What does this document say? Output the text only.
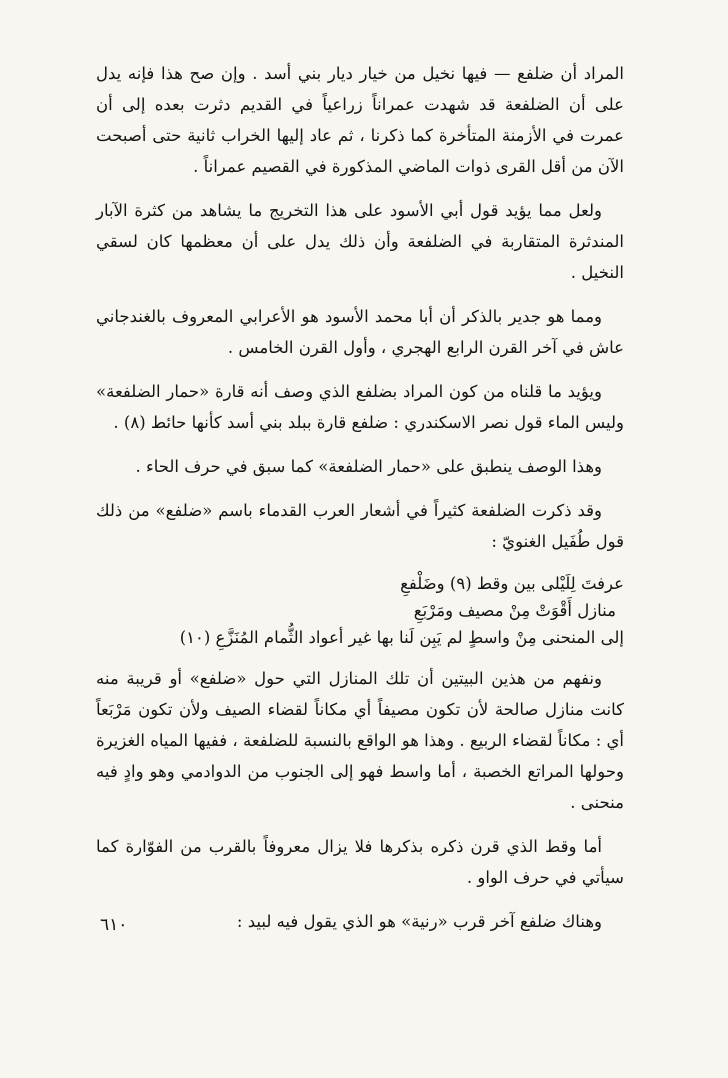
المراد أن ضلفع — فيها نخيل من خيار ديار بني أسد . وإن صح هذا فإنه يدل على أن الضلفعة قد شهدت عمراناً زراعياً في القديم دثرت بعده إلى أن عمرت في الأزمنة المتأخرة كما ذكرنا ، ثم عاد إليها الخراب ثانية حتى أصبحت الآن من أقل القرى ذوات الماضي المذكورة في القصيم عمراناً .

ولعل مما يؤيد قول أبي الأسود على هذا التخريج ما يشاهد من كثرة الآبار المندثرة المتقاربة في الضلفعة وأن ذلك يدل على أن معظمها كان لسقي النخيل .

ومما هو جدير بالذكر أن أبا محمد الأسود هو الأعرابي المعروف بالغندجاني عاش في آخر القرن الرابع الهجري ، وأول القرن الخامس .

ويؤيد ما قلناه من كون المراد بضلفع الذي وصف أنه قارة «حمار الضلفعة» وليس الماء قول نصر الاسكندري : ضلفع قارة ببلد بني أسد كأنها حائط (٨) .

وهذا الوصف ينطبق على «حمار الضلفعة» كما سبق في حرف الحاء .

وقد ذكرت الضلفعة كثيراً في أشعار العرب القدماء باسم «ضلفع» من ذلك قول طُفَيل الغنويّ :

عرفتَ لِلَيْلى بين وقط (٩) وضَلْفعِ
منازل أَقْوَتْ مِنْ مصيف ومَرْبَعِ
إلى المنحنى مِنْ واسطٍ لم يَبِن لَنا بها غير أعواد الثُّمام المُنَزَّعِ (١٠)

ونفهم من هذين البيتين أن تلك المنازل التي حول «ضلفع» أو قريبة منه كانت منازل صالحة لأن تكون مصيفاً أي مكاناً لقضاء الصيف ولأن تكون مَرْبَعاً أي : مكاناً لقضاء الربيع . وهذا هو الواقع بالنسبة للضلفعة ، ففيها المياه الغزيرة وحولها المراتع الخصبة ، أما واسط فهو إلى الجنوب من الدوادمي وهو وادٍ فيه منحنى .

أما وقط الذي قرن ذكره بذكرها فلا يزال معروفاً بالقرب من الفوّارة كما سيأتي في حرف الواو .

وهناك ضلفع آخر قرب «رنية» هو الذي يقول فيه لبيد :

٦١٠
